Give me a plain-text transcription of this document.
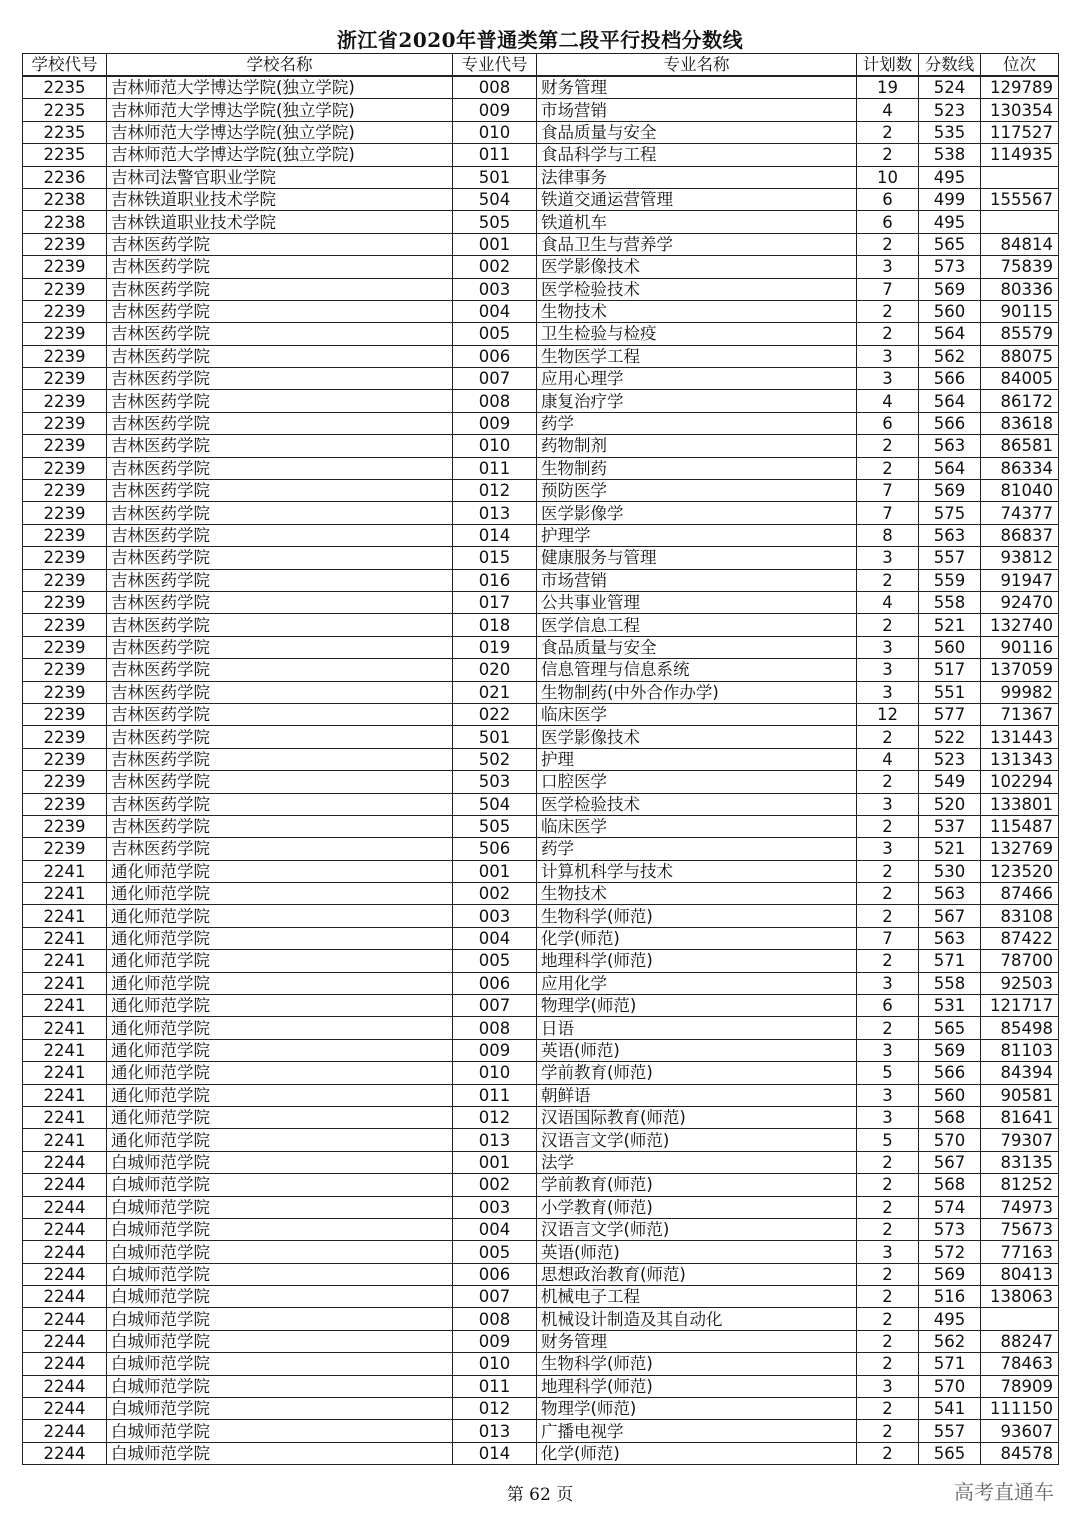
浙江省2020年普通类第二段平行投档分数线
学校代号	学校名称	专业代号	专业名称	计划数	分数线	位次
2235	吉林师范大学博达学院(独立学院)	008	财务管理	19	524	129789
2235	吉林师范大学博达学院(独立学院)	009	市场营销	4	523	130354
2235	吉林师范大学博达学院(独立学院)	010	食品质量与安全	2	535	117527
2235	吉林师范大学博达学院(独立学院)	011	食品科学与工程	2	538	114935
2236	吉林司法警官职业学院	501	法律事务	10	495	
2238	吉林铁道职业技术学院	504	铁道交通运营管理	6	499	155567
2238	吉林铁道职业技术学院	505	铁道机车	6	495	
2239	吉林医药学院	001	食品卫生与营养学	2	565	84814
2239	吉林医药学院	002	医学影像技术	3	573	75839
2239	吉林医药学院	003	医学检验技术	7	569	80336
2239	吉林医药学院	004	生物技术	2	560	90115
2239	吉林医药学院	005	卫生检验与检疫	2	564	85579
2239	吉林医药学院	006	生物医学工程	3	562	88075
2239	吉林医药学院	007	应用心理学	3	566	84005
2239	吉林医药学院	008	康复治疗学	4	564	86172
2239	吉林医药学院	009	药学	6	566	83618
2239	吉林医药学院	010	药物制剂	2	563	86581
2239	吉林医药学院	011	生物制药	2	564	86334
2239	吉林医药学院	012	预防医学	7	569	81040
2239	吉林医药学院	013	医学影像学	7	575	74377
2239	吉林医药学院	014	护理学	8	563	86837
2239	吉林医药学院	015	健康服务与管理	3	557	93812
2239	吉林医药学院	016	市场营销	2	559	91947
2239	吉林医药学院	017	公共事业管理	4	558	92470
2239	吉林医药学院	018	医学信息工程	2	521	132740
2239	吉林医药学院	019	食品质量与安全	3	560	90116
2239	吉林医药学院	020	信息管理与信息系统	3	517	137059
2239	吉林医药学院	021	生物制药(中外合作办学)	3	551	99982
2239	吉林医药学院	022	临床医学	12	577	71367
2239	吉林医药学院	501	医学影像技术	2	522	131443
2239	吉林医药学院	502	护理	4	523	131343
2239	吉林医药学院	503	口腔医学	2	549	102294
2239	吉林医药学院	504	医学检验技术	3	520	133801
2239	吉林医药学院	505	临床医学	2	537	115487
2239	吉林医药学院	506	药学	3	521	132769
2241	通化师范学院	001	计算机科学与技术	2	530	123520
2241	通化师范学院	002	生物技术	2	563	87466
2241	通化师范学院	003	生物科学(师范)	2	567	83108
2241	通化师范学院	004	化学(师范)	7	563	87422
2241	通化师范学院	005	地理科学(师范)	2	571	78700
2241	通化师范学院	006	应用化学	3	558	92503
2241	通化师范学院	007	物理学(师范)	6	531	121717
2241	通化师范学院	008	日语	2	565	85498
2241	通化师范学院	009	英语(师范)	3	569	81103
2241	通化师范学院	010	学前教育(师范)	5	566	84394
2241	通化师范学院	011	朝鲜语	3	560	90581
2241	通化师范学院	012	汉语国际教育(师范)	3	568	81641
2241	通化师范学院	013	汉语言文学(师范)	5	570	79307
2244	白城师范学院	001	法学	2	567	83135
2244	白城师范学院	002	学前教育(师范)	2	568	81252
2244	白城师范学院	003	小学教育(师范)	2	574	74973
2244	白城师范学院	004	汉语言文学(师范)	2	573	75673
2244	白城师范学院	005	英语(师范)	3	572	77163
2244	白城师范学院	006	思想政治教育(师范)	2	569	80413
2244	白城师范学院	007	机械电子工程	2	516	138063
2244	白城师范学院	008	机械设计制造及其自动化	2	495	
2244	白城师范学院	009	财务管理	2	562	88247
2244	白城师范学院	010	生物科学(师范)	2	571	78463
2244	白城师范学院	011	地理科学(师范)	3	570	78909
2244	白城师范学院	012	物理学(师范)	2	541	111150
2244	白城师范学院	013	广播电视学	2	557	93607
2244	白城师范学院	014	化学(师范)	2	565	84578
第 62 页	高考直通车
